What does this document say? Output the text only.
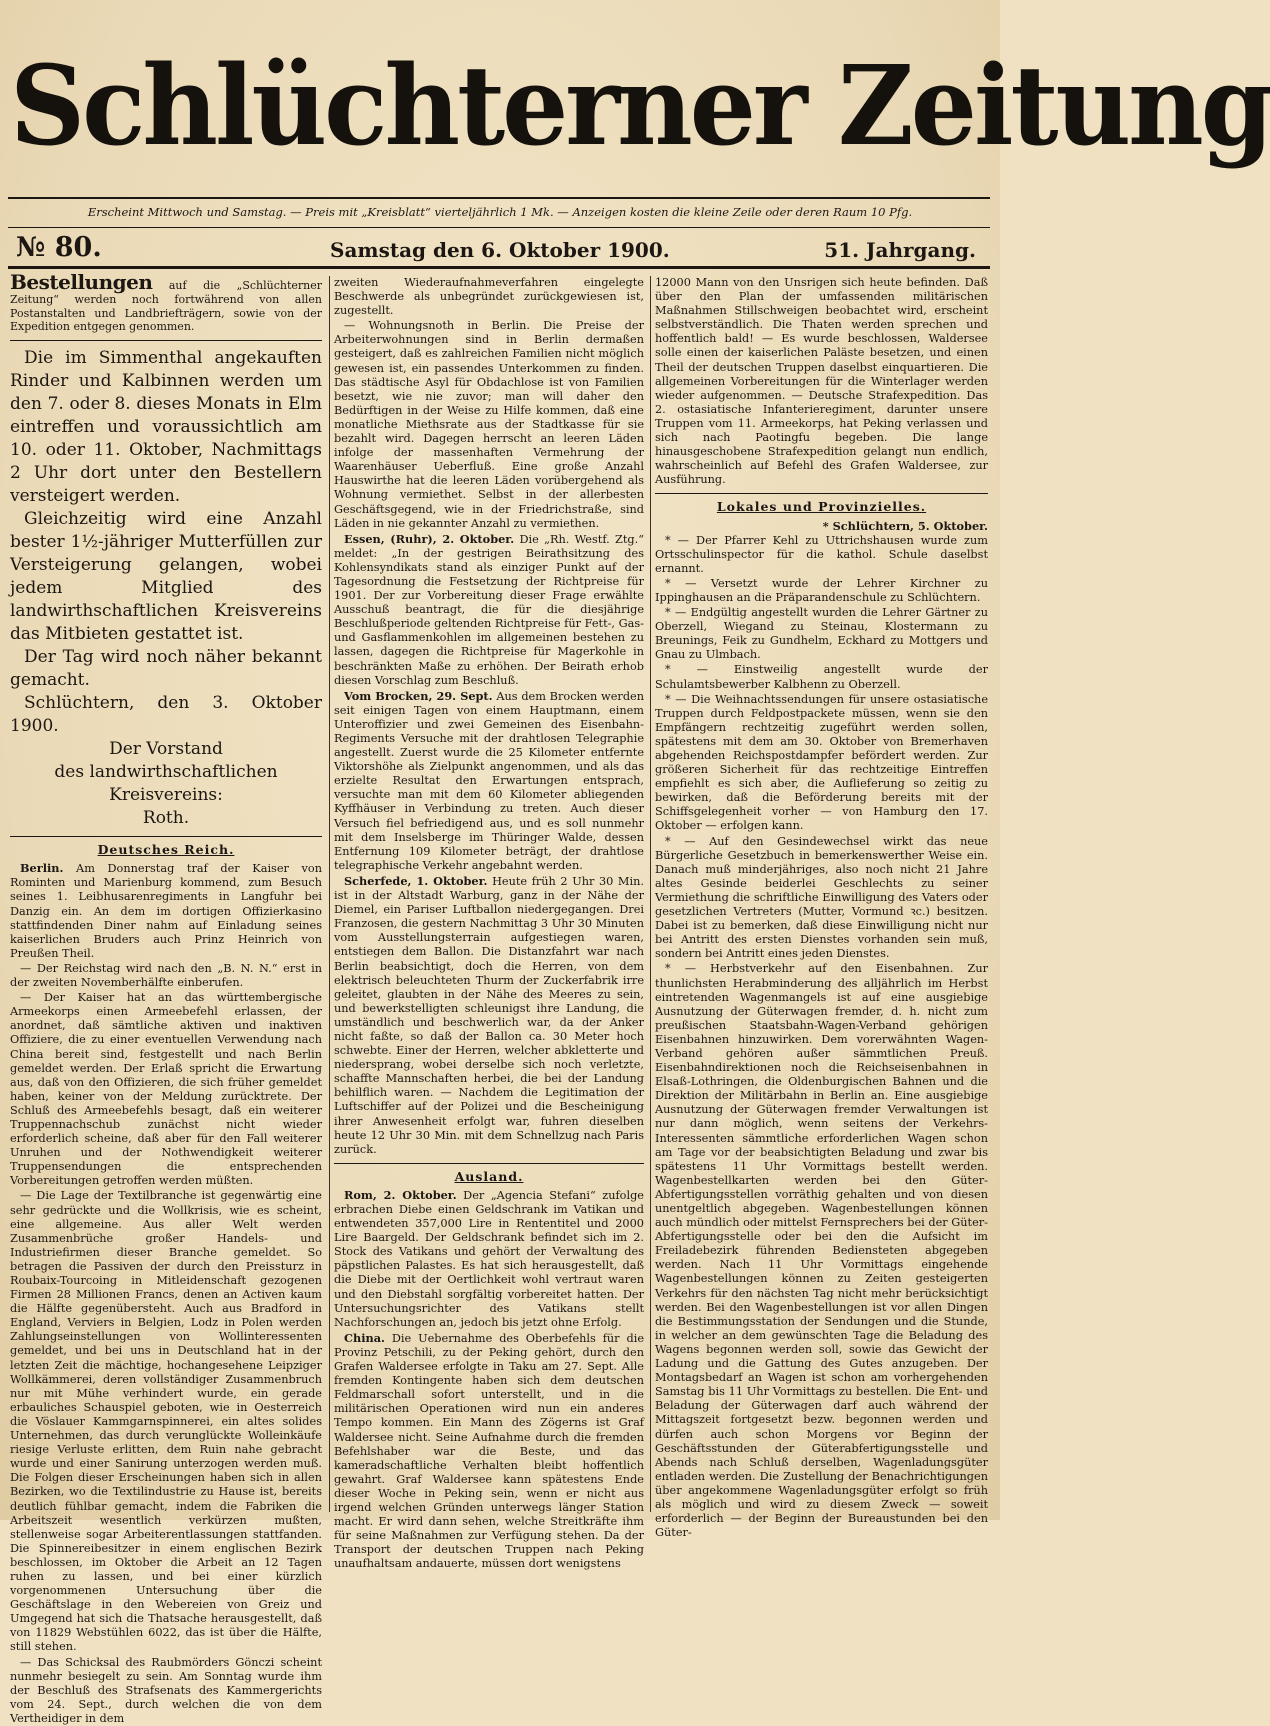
Schlüchterner Zeitung
Erscheint Mittwoch und Samstag. — Preis mit „Kreisblatt“ vierteljährlich 1 Mk. — Anzeigen kosten die kleine Zeile oder deren Raum 10 Pfg.
№ 80.	Samstag den 6. Oktober 1900.	51. Jahrgang.
Bestellungen auf die „Schlüchterner Zeitung“ werden noch fortwährend von allen Postanstalten und Landbriefträgern, sowie von der Expedition entgegen genommen.

Die im Simmenthal angekauften Rinder und Kalbinnen werden um den 7. oder 8. dieses Monats in Elm eintreffen und voraussichtlich am 10. oder 11. Oktober, Nachmittags 2 Uhr dort unter den Bestellern versteigert werden.

Gleichzeitig wird eine Anzahl bester 1½-jähriger Mutterfüllen zur Versteigerung gelangen, wobei jedem Mitglied des landwirthschaftlichen Kreisvereins das Mitbieten gestattet ist.

Der Tag wird noch näher bekannt gemacht.

Schlüchtern, den 3. Oktober 1900.

Der Vorstand

des landwirthschaftlichen Kreisvereins:

Roth.

Deutsches Reich.

Berlin. Am Donnerstag traf der Kaiser von Rominten und Marienburg kommend, zum Besuch seines 1. Leibhusarenregiments in Langfuhr bei Danzig ein. An dem im dortigen Offizierkasino stattfindenden Diner nahm auf Einladung seines kaiserlichen Bruders auch Prinz Heinrich von Preußen Theil.

— Der Reichstag wird nach den „B. N. N.“ erst in der zweiten Novemberhälfte einberufen.

— Der Kaiser hat an das württembergische Armeekorps einen Armeebefehl erlassen, der anordnet, daß sämtliche aktiven und inaktiven Offiziere, die zu einer eventuellen Verwendung nach China bereit sind, festgestellt und nach Berlin gemeldet werden. Der Erlaß spricht die Erwartung aus, daß von den Offizieren, die sich früher gemeldet haben, keiner von der Meldung zurücktrete. Der Schluß des Armeebefehls besagt, daß ein weiterer Truppennachschub zunächst nicht wieder erforderlich scheine, daß aber für den Fall weiterer Unruhen und der Nothwendigkeit weiterer Truppensendungen die entsprechenden Vorbereitungen getroffen werden müßten.

— Die Lage der Textilbranche ist gegenwärtig eine sehr gedrückte und die Wollkrisis, wie es scheint, eine allgemeine. Aus aller Welt werden Zusammenbrüche großer Handels- und Industriefirmen dieser Branche gemeldet. So betragen die Passiven der durch den Preissturz in Roubaix-Tourcoing in Mitleidenschaft gezogenen Firmen 28 Millionen Francs, denen an Activen kaum die Hälfte gegenübersteht. Auch aus Bradford in England, Verviers in Belgien, Lodz in Polen werden Zahlungseinstellungen von Wollinteressenten gemeldet, und bei uns in Deutschland hat in der letzten Zeit die mächtige, hochangesehene Leipziger Wollkämmerei, deren vollständiger Zusammenbruch nur mit Mühe verhindert wurde, ein gerade erbauliches Schauspiel geboten, wie in Oesterreich die Vöslauer Kammgarnspinnerei, ein altes solides Unternehmen, das durch verunglückte Wolleinkäufe riesige Verluste erlitten, dem Ruin nahe gebracht wurde und einer Sanirung unterzogen werden muß. Die Folgen dieser Erscheinungen haben sich in allen Bezirken, wo die Textilindustrie zu Hause ist, bereits deutlich fühlbar gemacht, indem die Fabriken die Arbeitszeit wesentlich verkürzen mußten, stellenweise sogar Arbeiterentlassungen stattfanden. Die Spinnereibesitzer in einem englischen Bezirk beschlossen, im Oktober die Arbeit an 12 Tagen ruhen zu lassen, und bei einer kürzlich vorgenommenen Untersuchung über die Geschäftslage in den Webereien von Greiz und Umgegend hat sich die Thatsache herausgestellt, daß von 11829 Webstühlen 6022, das ist über die Hälfte, still stehen.

— Das Schicksal des Raubmörders Gönczi scheint nunmehr besiegelt zu sein. Am Sonntag wurde ihm der Beschluß des Strafsenats des Kammergerichts vom 24. Sept., durch welchen die von dem Vertheidiger in dem

zweiten Wiederaufnahmeverfahren eingelegte Beschwerde als unbegründet zurückgewiesen ist, zugestellt.

— Wohnungsnoth in Berlin. Die Preise der Arbeiterwohnungen sind in Berlin dermaßen gesteigert, daß es zahlreichen Familien nicht möglich gewesen ist, ein passendes Unterkommen zu finden. Das städtische Asyl für Obdachlose ist von Familien besetzt, wie nie zuvor; man will daher den Bedürftigen in der Weise zu Hilfe kommen, daß eine monatliche Miethsrate aus der Stadtkasse für sie bezahlt wird. Dagegen herrscht an leeren Läden infolge der massenhaften Vermehrung der Waarenhäuser Ueberfluß. Eine große Anzahl Hauswirthe hat die leeren Läden vorübergehend als Wohnung vermiethet. Selbst in der allerbesten Geschäftsgegend, wie in der Friedrichstraße, sind Läden in nie gekannter Anzahl zu vermiethen.

Essen, (Ruhr), 2. Oktober. Die „Rh. Westf. Ztg.“ meldet: „In der gestrigen Beirathsitzung des Kohlensyndikats stand als einziger Punkt auf der Tagesordnung die Festsetzung der Richtpreise für 1901. Der zur Vorbereitung dieser Frage erwählte Ausschuß beantragt, die für die diesjährige Beschlußperiode geltenden Richtpreise für Fett-, Gas- und Gasflammenkohlen im allgemeinen bestehen zu lassen, dagegen die Richtpreise für Magerkohle in beschränkten Maße zu erhöhen. Der Beirath erhob diesen Vorschlag zum Beschluß.

Vom Brocken, 29. Sept. Aus dem Brocken werden seit einigen Tagen von einem Hauptmann, einem Unteroffizier und zwei Gemeinen des Eisenbahn-Regiments Versuche mit der drahtlosen Telegraphie angestellt. Zuerst wurde die 25 Kilometer entfernte Viktorshöhe als Zielpunkt angenommen, und als das erzielte Resultat den Erwartungen entsprach, versuchte man mit dem 60 Kilometer abliegenden Kyffhäuser in Verbindung zu treten. Auch dieser Versuch fiel befriedigend aus, und es soll nunmehr mit dem Inselsberge im Thüringer Walde, dessen Entfernung 109 Kilometer beträgt, der drahtlose telegraphische Verkehr angebahnt werden.

Scherfede, 1. Oktober. Heute früh 2 Uhr 30 Min. ist in der Altstadt Warburg, ganz in der Nähe der Diemel, ein Pariser Luftballon niedergegangen. Drei Franzosen, die gestern Nachmittag 3 Uhr 30 Minuten vom Ausstellungsterrain aufgestiegen waren, entstiegen dem Ballon. Die Distanzfahrt war nach Berlin beabsichtigt, doch die Herren, von dem elektrisch beleuchteten Thurm der Zuckerfabrik irre geleitet, glaubten in der Nähe des Meeres zu sein, und bewerkstelligten schleunigst ihre Landung, die umständlich und beschwerlich war, da der Anker nicht faßte, so daß der Ballon ca. 30 Meter hoch schwebte. Einer der Herren, welcher abkletterte und niedersprang, wobei derselbe sich noch verletzte, schaffte Mannschaften herbei, die bei der Landung behilflich waren. — Nachdem die Legitimation der Luftschiffer auf der Polizei und die Bescheinigung ihrer Anwesenheit erfolgt war, fuhren dieselben heute 12 Uhr 30 Min. mit dem Schnellzug nach Paris zurück.

Ausland.

Rom, 2. Oktober. Der „Agencia Stefani“ zufolge erbrachen Diebe einen Geldschrank im Vatikan und entwendeten 357,000 Lire in Rententitel und 2000 Lire Baargeld. Der Geldschrank befindet sich im 2. Stock des Vatikans und gehört der Verwaltung des päpstlichen Palastes. Es hat sich herausgestellt, daß die Diebe mit der Oertlichkeit wohl vertraut waren und den Diebstahl sorgfältig vorbereitet hatten. Der Untersuchungsrichter des Vatikans stellt Nachforschungen an, jedoch bis jetzt ohne Erfolg.

China. Die Uebernahme des Oberbefehls für die Provinz Petschili, zu der Peking gehört, durch den Grafen Waldersee erfolgte in Taku am 27. Sept. Alle fremden Kontingente haben sich dem deutschen Feldmarschall sofort unterstellt, und in die militärischen Operationen wird nun ein anderes Tempo kommen. Ein Mann des Zögerns ist Graf Waldersee nicht. Seine Aufnahme durch die fremden Befehlshaber war die Beste, und das kameradschaftliche Verhalten bleibt hoffentlich gewahrt. Graf Waldersee kann spätestens Ende dieser Woche in Peking sein, wenn er nicht aus irgend welchen Gründen unterwegs länger Station macht. Er wird dann sehen, welche Streitkräfte ihm für seine Maßnahmen zur Verfügung stehen. Da der Transport der deutschen Truppen nach Peking unaufhaltsam andauerte, müssen dort wenigstens

12000 Mann von den Unsrigen sich heute befinden. Daß über den Plan der umfassenden militärischen Maßnahmen Stillschweigen beobachtet wird, erscheint selbstverständlich. Die Thaten werden sprechen und hoffentlich bald! — Es wurde beschlossen, Waldersee solle einen der kaiserlichen Paläste besetzen, und einen Theil der deutschen Truppen daselbst einquartieren. Die allgemeinen Vorbereitungen für die Winterlager werden wieder aufgenommen. — Deutsche Strafexpedition. Das 2. ostasiatische Infanterieregiment, darunter unsere Truppen vom 11. Armeekorps, hat Peking verlassen und sich nach Paotingfu begeben. Die lange hinausgeschobene Strafexpedition gelangt nun endlich, wahrscheinlich auf Befehl des Grafen Waldersee, zur Ausführung.

Lokales und Provinzielles.

* Schlüchtern, 5. Oktober.

* — Der Pfarrer Kehl zu Uttrichshausen wurde zum Ortsschulinspector für die kathol. Schule daselbst ernannt.

* — Versetzt wurde der Lehrer Kirchner zu Ippinghausen an die Präparandenschule zu Schlüchtern.

* — Endgültig angestellt wurden die Lehrer Gärtner zu Oberzell, Wiegand zu Steinau, Klostermann zu Breunings, Feik zu Gundhelm, Eckhard zu Mottgers und Gnau zu Ulmbach.

* — Einstweilig angestellt wurde der Schulamtsbewerber Kalbhenn zu Oberzell.

* — Die Weihnachtssendungen für unsere ostasiatische Truppen durch Feldpostpackete müssen, wenn sie den Empfängern rechtzeitig zugeführt werden sollen, spätestens mit dem am 30. Oktober von Bremerhaven abgehenden Reichspostdampfer befördert werden. Zur größeren Sicherheit für das rechtzeitige Eintreffen empfiehlt es sich aber, die Auflieferung so zeitig zu bewirken, daß die Beförderung bereits mit der Schiffsgelegenheit vorher — von Hamburg den 17. Oktober — erfolgen kann.

* — Auf den Gesindewechsel wirkt das neue Bürgerliche Gesetzbuch in bemerkenswerther Weise ein. Danach muß minderjähriges, also noch nicht 21 Jahre altes Gesinde beiderlei Geschlechts zu seiner Vermiethung die schriftliche Einwilligung des Vaters oder gesetzlichen Vertreters (Mutter, Vormund ꝛc.) besitzen. Dabei ist zu bemerken, daß diese Einwilligung nicht nur bei Antritt des ersten Dienstes vorhanden sein muß, sondern bei Antritt eines jeden Dienstes.

* — Herbstverkehr auf den Eisenbahnen. Zur thunlichsten Herabminderung des alljährlich im Herbst eintretenden Wagenmangels ist auf eine ausgiebige Ausnutzung der Güterwagen fremder, d. h. nicht zum preußischen Staatsbahn-Wagen-Verband gehörigen Eisenbahnen hinzuwirken. Dem vorerwähnten Wagen-Verband gehören außer sämmtlichen Preuß. Eisenbahndirektionen noch die Reichseisenbahnen in Elsaß-Lothringen, die Oldenburgischen Bahnen und die Direktion der Militärbahn in Berlin an. Eine ausgiebige Ausnutzung der Güterwagen fremder Verwaltungen ist nur dann möglich, wenn seitens der Verkehrs-Interessenten sämmtliche erforderlichen Wagen schon am Tage vor der beabsichtigten Beladung und zwar bis spätestens 11 Uhr Vormittags bestellt werden. Wagenbestellkarten werden bei den Güter-Abfertigungsstellen vorräthig gehalten und von diesen unentgeltlich abgegeben. Wagenbestellungen können auch mündlich oder mittelst Fernsprechers bei der Güter-Abfertigungsstelle oder bei den die Aufsicht im Freiladebezirk führenden Bediensteten abgegeben werden. Nach 11 Uhr Vormittags eingehende Wagenbestellungen können zu Zeiten gesteigerten Verkehrs für den nächsten Tag nicht mehr berücksichtigt werden. Bei den Wagenbestellungen ist vor allen Dingen die Bestimmungsstation der Sendungen und die Stunde, in welcher an dem gewünschten Tage die Beladung des Wagens begonnen werden soll, sowie das Gewicht der Ladung und die Gattung des Gutes anzugeben. Der Montagsbedarf an Wagen ist schon am vorhergehenden Samstag bis 11 Uhr Vormittags zu bestellen. Die Ent- und Beladung der Güterwagen darf auch während der Mittagszeit fortgesetzt bezw. begonnen werden und dürfen auch schon Morgens vor Beginn der Geschäftsstunden der Güterabfertigungsstelle und Abends nach Schluß derselben, Wagenladungsgüter entladen werden. Die Zustellung der Benachrichtigungen über angekommene Wagenladungsgüter erfolgt so früh als möglich und wird zu diesem Zweck — soweit erforderlich — der Beginn der Bureaustunden bei den Güter-
